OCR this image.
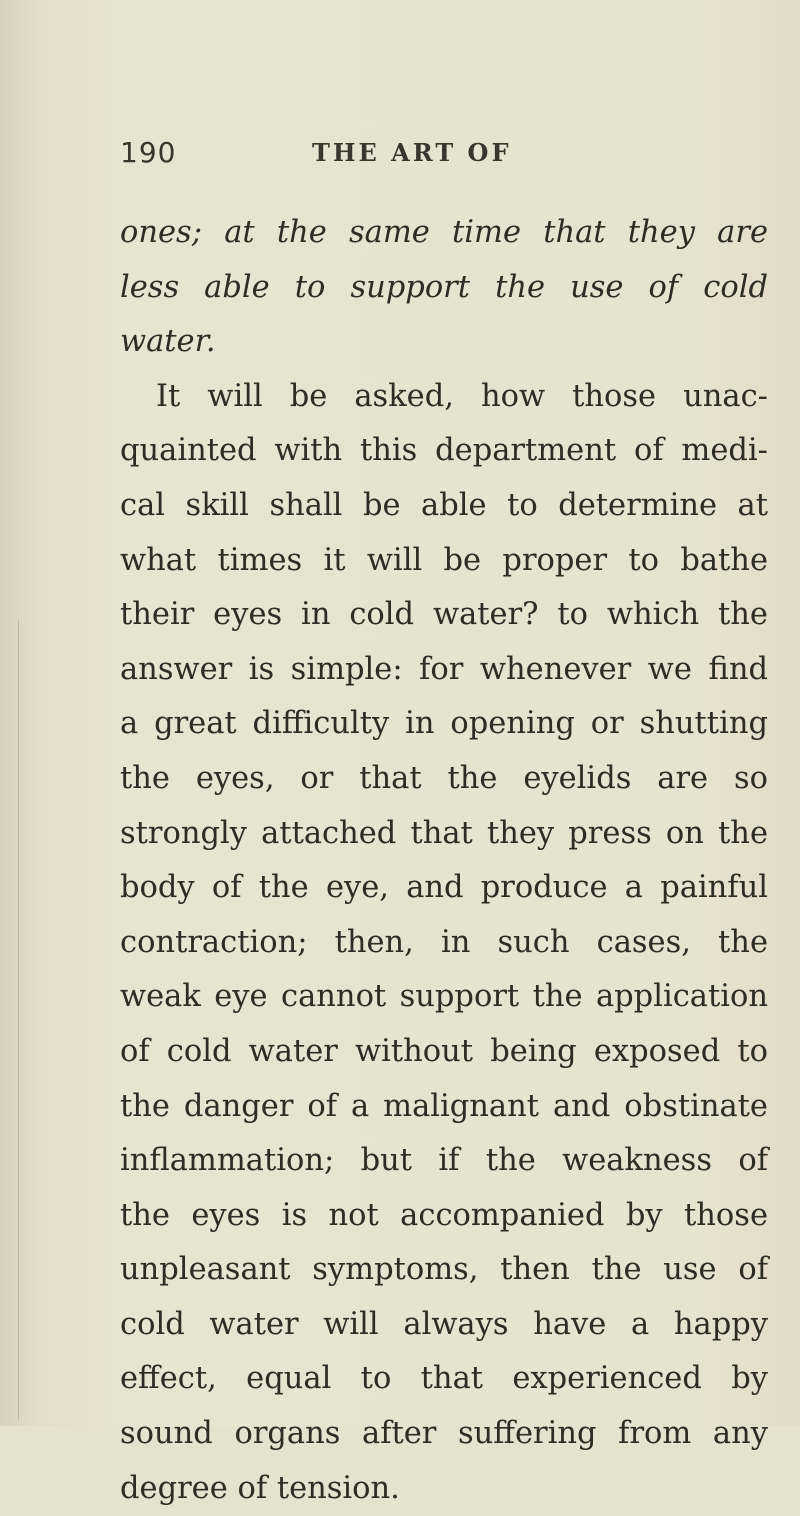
190	THE ART OF
ones; at the same time that they are
less able to support the use of cold
water.
It will be asked, how those unac-
quainted with this department of medi-
cal skill shall be able to determine at
what times it will be proper to bathe
their eyes in cold water? to which the
answer is simple: for whenever we find
a great difficulty in opening or shutting
the eyes, or that the eyelids are so
strongly attached that they press on the
body of the eye, and produce a painful
contraction; then, in such cases, the
weak eye cannot support the application
of cold water without being exposed to
the danger of a malignant and obstinate
inflammation; but if the weakness of
the eyes is not accompanied by those
unpleasant symptoms, then the use of
cold water will always have a happy
effect, equal to that experienced by
sound organs after suffering from any
degree of tension.
